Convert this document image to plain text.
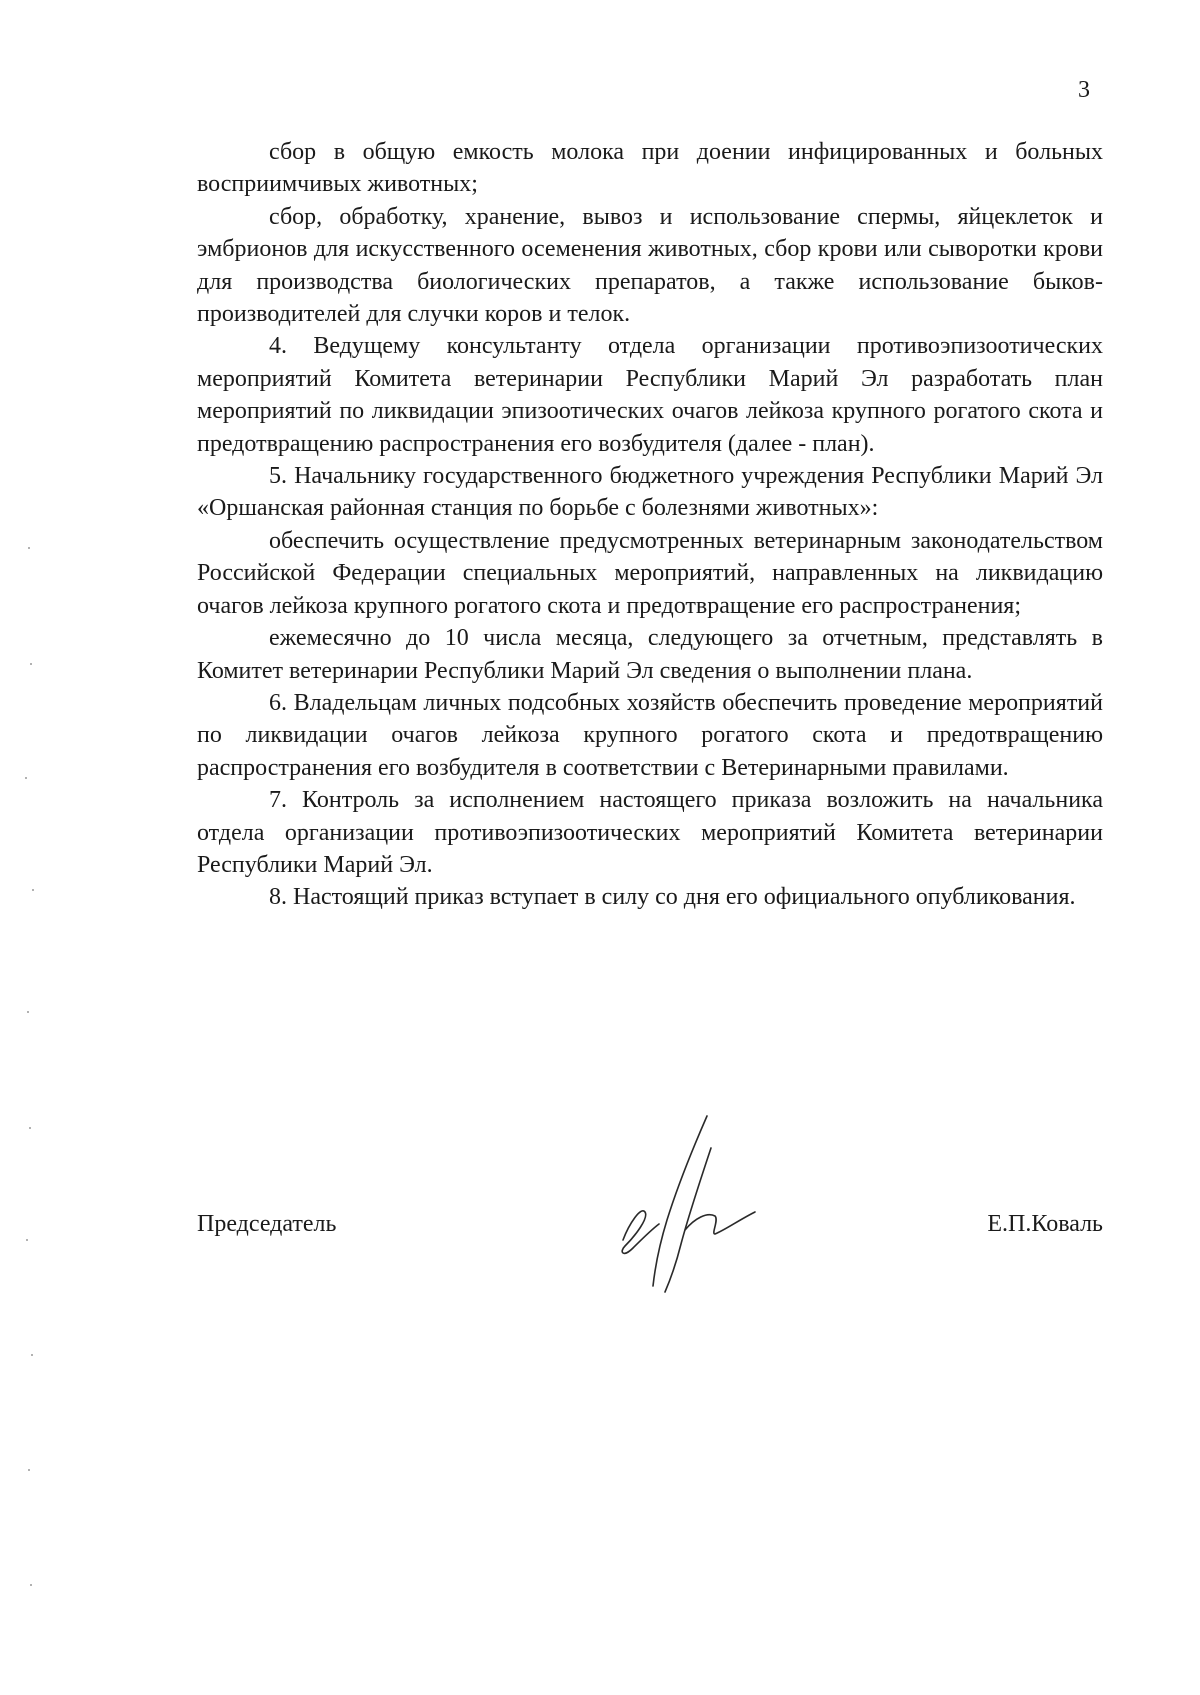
3

сбор в общую емкость молока при доении инфицированных и больных восприимчивых животных;

сбор, обработку, хранение, вывоз и использование спермы, яйцеклеток и эмбрионов для искусственного осеменения животных, сбор крови или сыворотки крови для производства биологических препаратов, а также использование быков-производителей для случки коров и телок.

4. Ведущему консультанту отдела организации противоэпизоотических мероприятий Комитета ветеринарии Республики Марий Эл разработать план мероприятий по ликвидации эпизоотических очагов лейкоза крупного рогатого скота и предотвращению распространения его возбудителя (далее - план).

5. Начальнику государственного бюджетного учреждения Республики Марий Эл «Оршанская районная станция по борьбе с болезнями животных»:

обеспечить осуществление предусмотренных ветеринарным законодательством Российской Федерации специальных мероприятий, направленных на ликвидацию очагов лейкоза крупного рогатого скота и предотвращение его распространения;

ежемесячно до 10 числа месяца, следующего за отчетным, представлять в Комитет ветеринарии Республики Марий Эл сведения о выполнении плана.

6. Владельцам личных подсобных хозяйств обеспечить проведение мероприятий по ликвидации очагов лейкоза крупного рогатого скота и предотвращению распространения его возбудителя в соответствии с Ветеринарными правилами.

7. Контроль за исполнением настоящего приказа возложить на начальника отдела организации противоэпизоотических мероприятий Комитета ветеринарии Республики Марий Эл.

8. Настоящий приказ вступает в силу со дня его официального опубликования.

Председатель	Е.П.Коваль
